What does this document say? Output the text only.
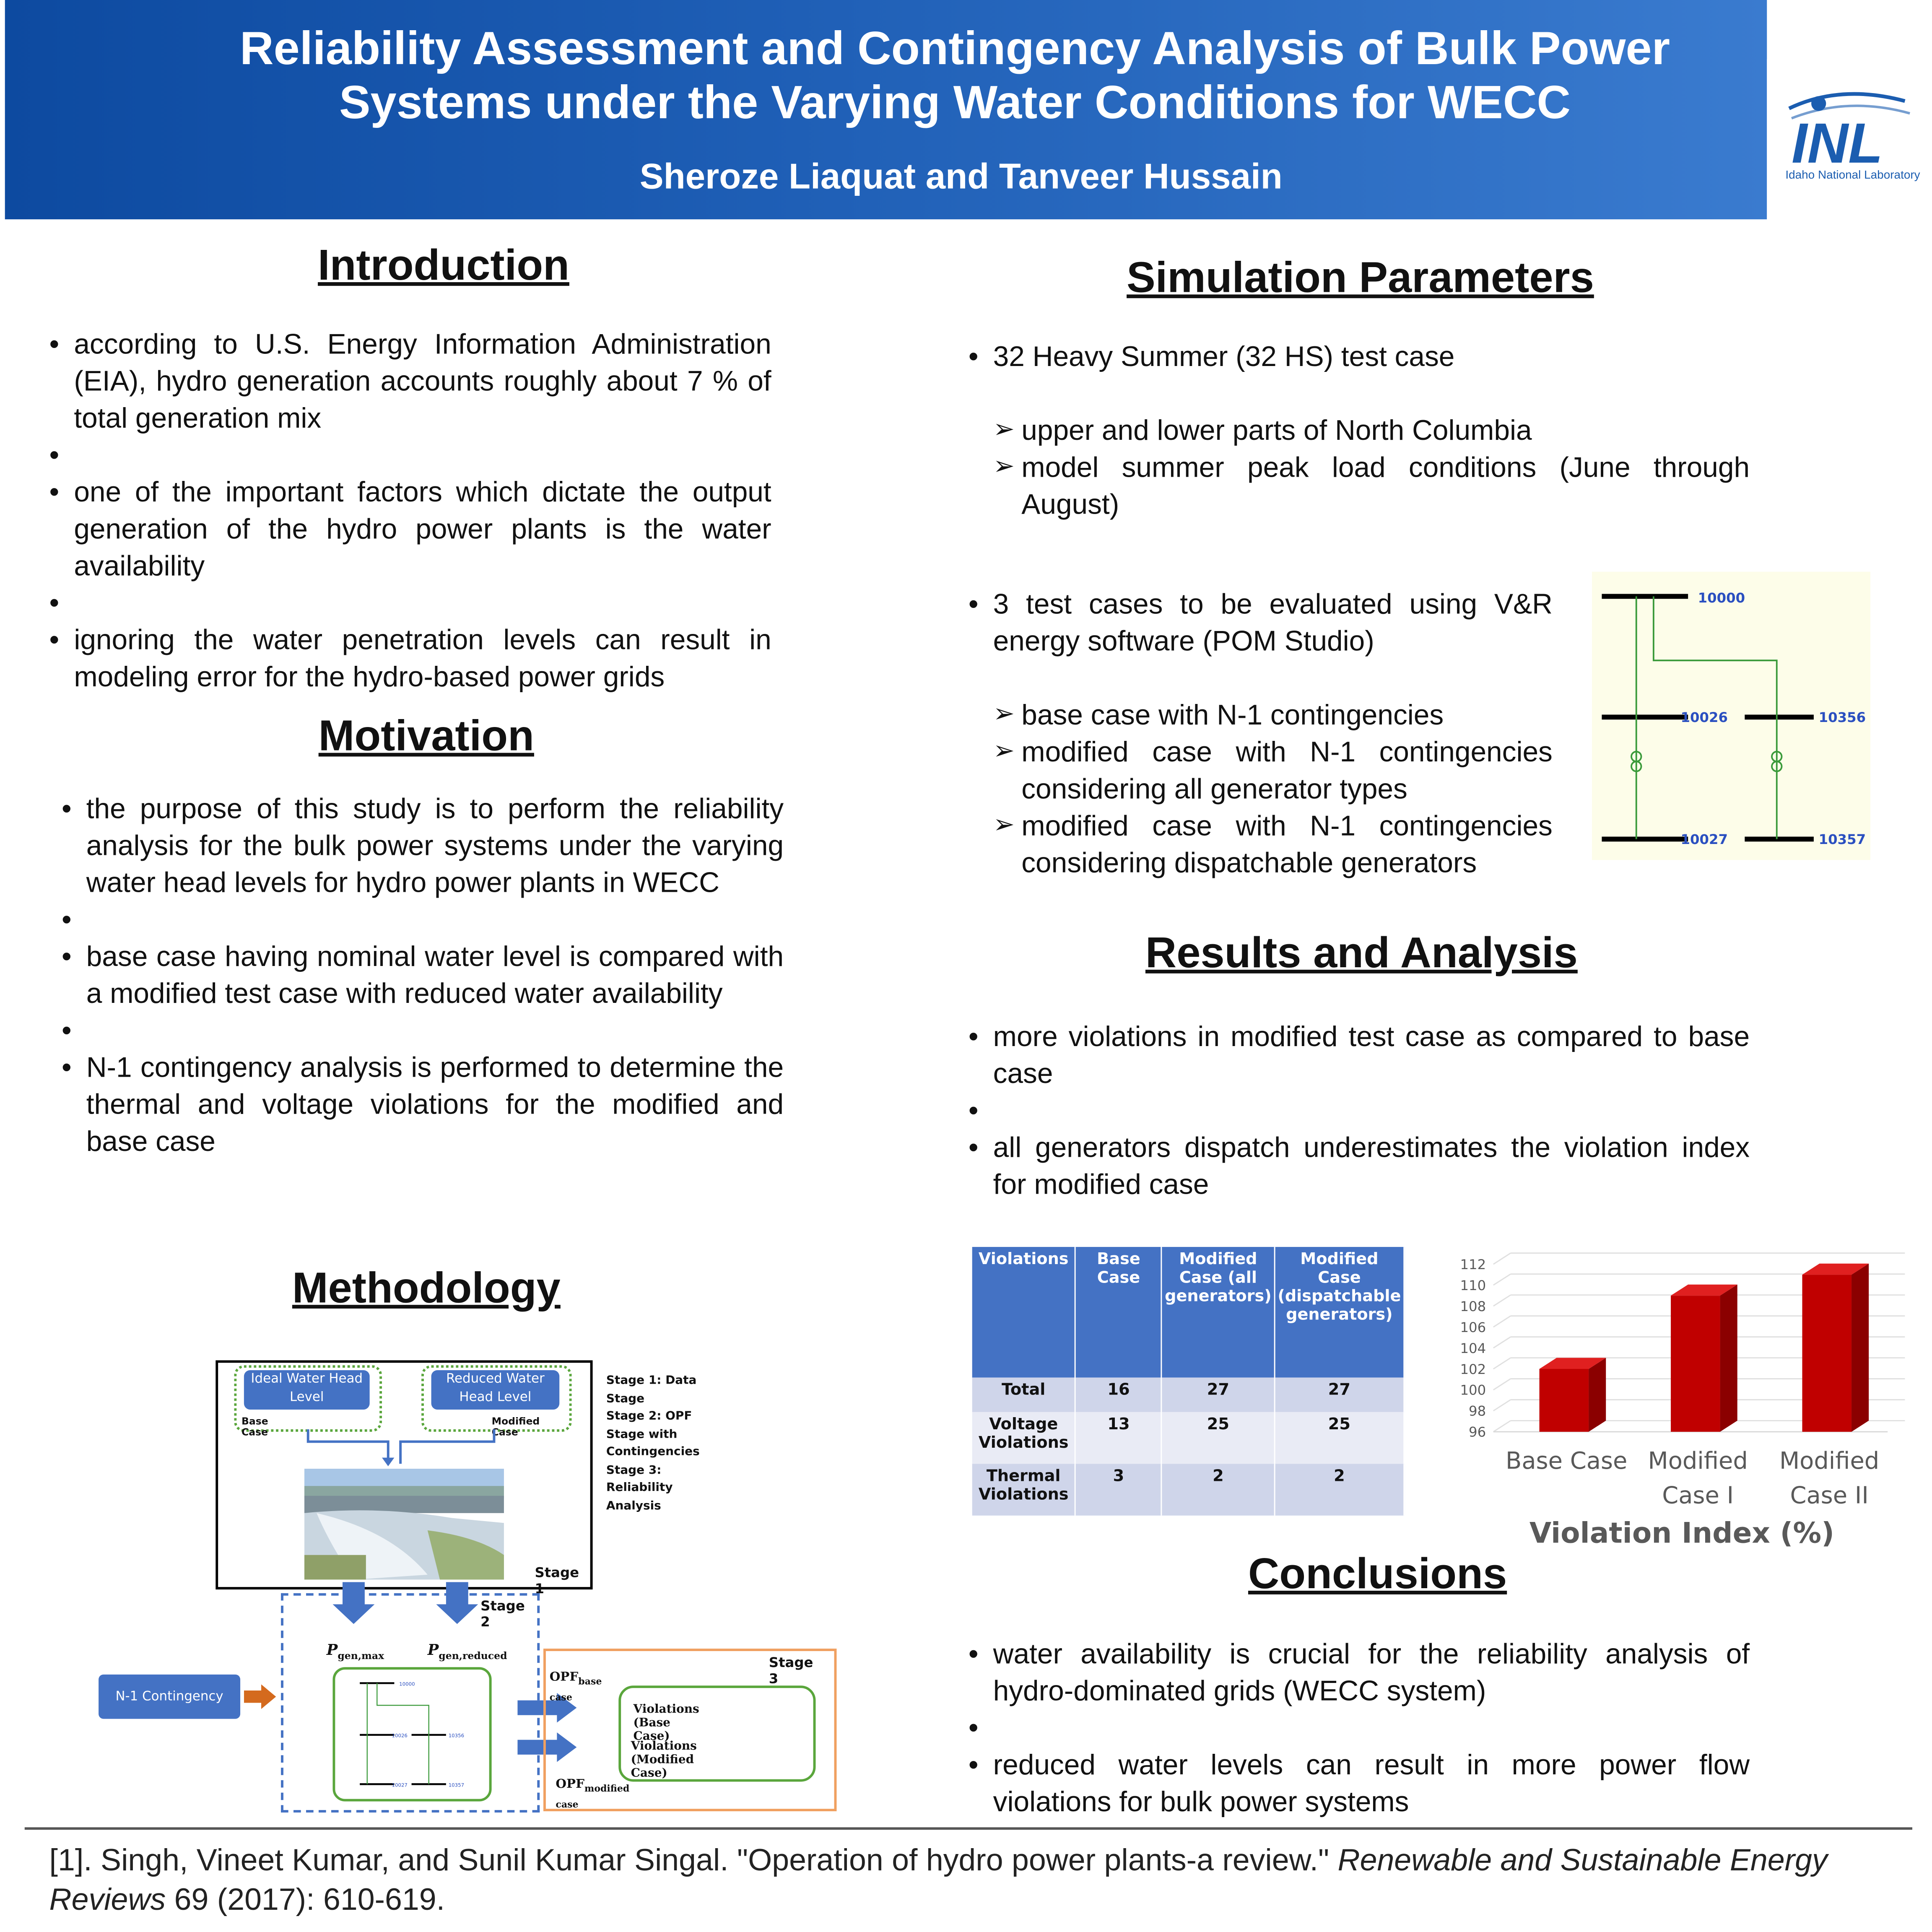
Reliability Assessment and Contingency Analysis of Bulk Power
Systems under the Varying Water Conditions for WECC
Sheroze Liaquat and Tanveer Hussain
INL
Idaho National Laboratory
Introduction
• according to U.S. Energy Information Administration (EIA), hydro generation accounts roughly about 7 % of total generation mix
•
• one of the important factors which dictate the output generation of the hydro power plants is the water availability
•
• ignoring the water penetration levels can result in modeling error for the hydro-based power grids
Motivation
• the purpose of this study is to perform the reliability analysis for the bulk power systems under the varying water head levels for hydro power plants in WECC
•
• base case having nominal water level is compared with a modified test case with reduced water availability
•
• N-1 contingency analysis is performed to determine the thermal and voltage violations for the modified and base case
Methodology
Ideal Water Head Level
Base Case
Reduced Water Head Level
Modified Case
Stage 1
Stage 1: Data Stage
Stage 2: OPF Stage with Contingencies
Stage 3: Reliability Analysis
Stage 2
$P_{gen,max}$	$P_{gen,reduced}$
10000
10026	10356
10027	10357
N-1 Contingency
Stage 3
$OPF_{base case}$
Violations (Base Case)
Violations (Modified Case)
$OPF_{modified case}$
Simulation Parameters
• 32 Heavy Summer (32 HS) test case
➢ upper and lower parts of North Columbia
➢ model summer peak load conditions (June through August)
• 3 test cases to be evaluated using V&R energy software (POM Studio)
➢ base case with N-1 contingencies
➢ modified case with N-1 contingencies considering all generator types
➢ modified case with N-1 contingencies considering dispatchable generators
10000
10026	10356
10027	10357
Results and Analysis
• more violations in modified test case as compared to base case
•
• all generators dispatch underestimates the violation index for modified case
Violations	Base Case	Modified Case (all generators)	Modified Case (dispatchable generators)
Total	16	27	27
Voltage Violations	13	25	25
Thermal Violations	3	2	2
96
98
100
102
104
106
108
110
112
Base Case	Modified
Case I
Modified
Case II
Violation Index (%)
Conclusions
• water availability is crucial for the reliability analysis of hydro-dominated grids (WECC system)
•
• reduced water levels can result in more power flow violations for bulk power systems
[1]. Singh, Vineet Kumar, and Sunil Kumar Singal. "Operation of hydro power plants-a review." Renewable and Sustainable Energy Reviews 69 (2017): 610-619.
